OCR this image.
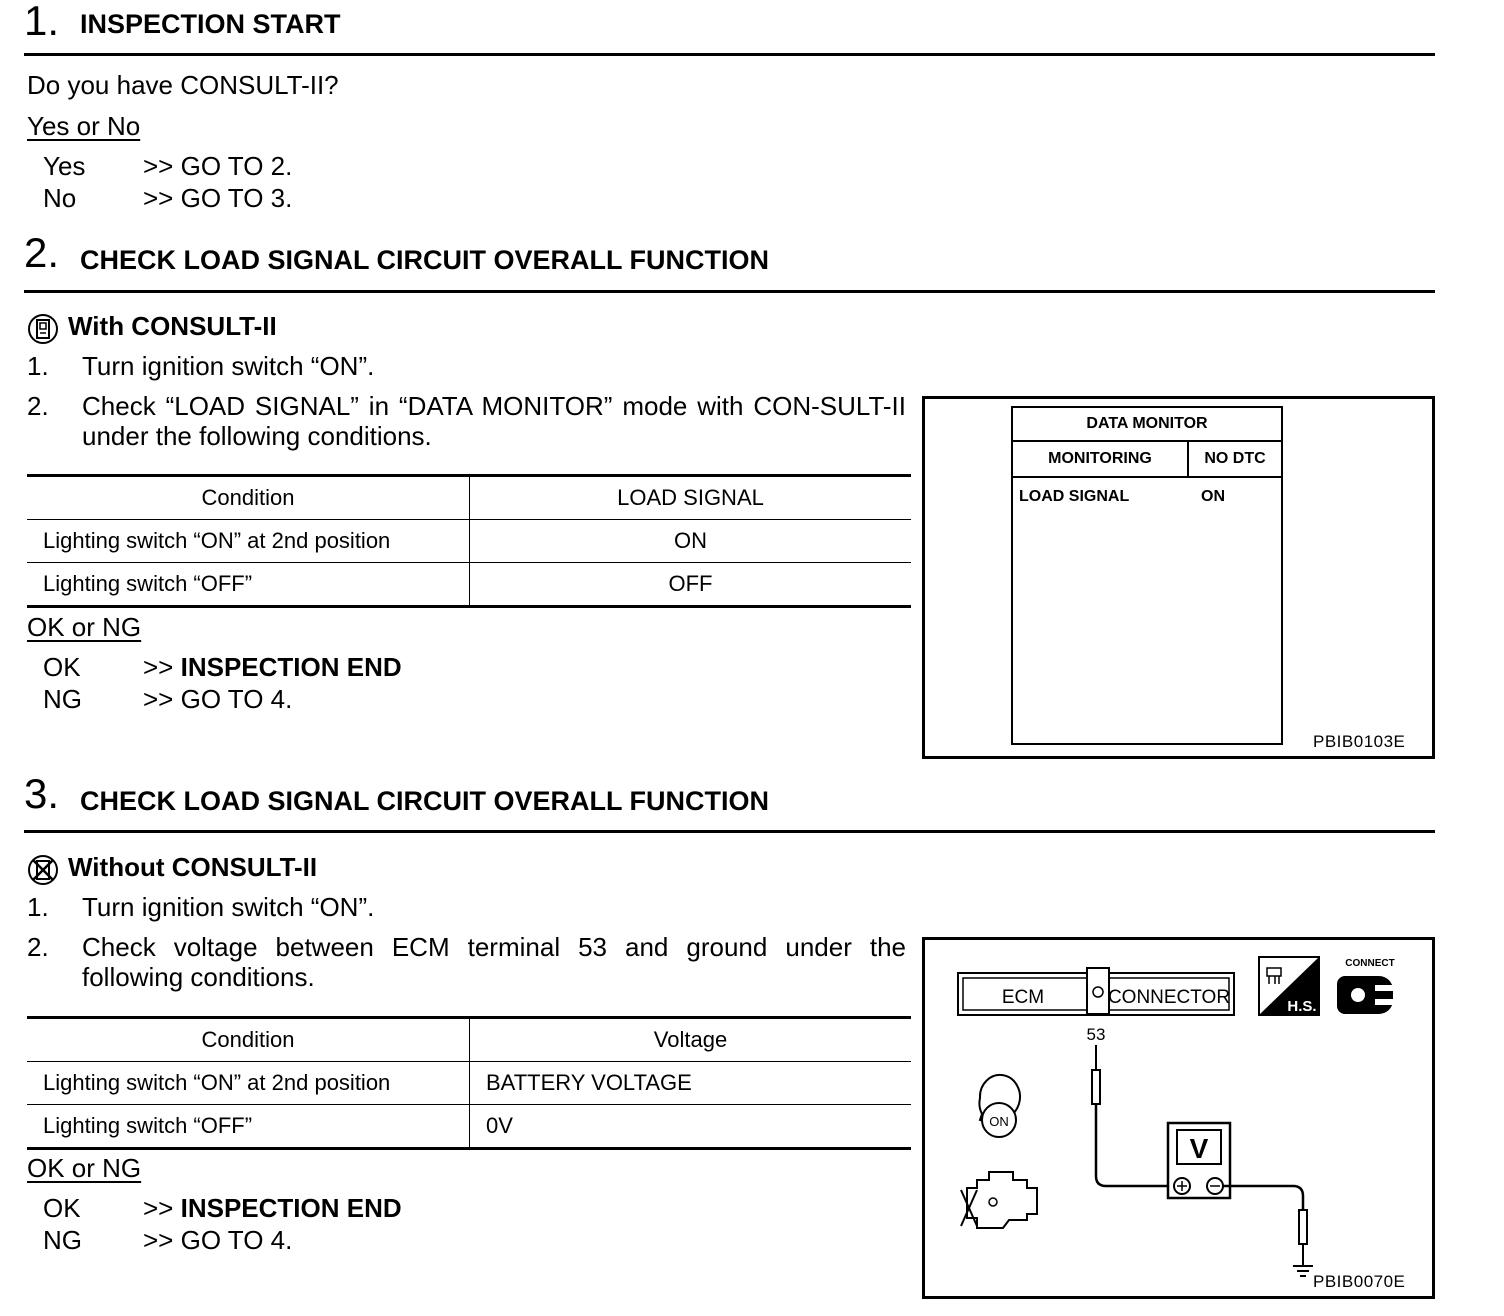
1. INSPECTION START
Do you have CONSULT-II?
Yes or No
Yes >> GO TO 2.
No	>> GO TO 3.
2. CHECK LOAD SIGNAL CIRCUIT OVERALL FUNCTION
With CONSULT-II
1. Turn ignition switch “ON”.
2. Check “LOAD SIGNAL” in “DATA MONITOR” mode with CON-SULT-II under the following conditions.
Condition	LOAD SIGNAL
Lighting switch “ON” at 2nd position	ON
Lighting switch “OFF”	OFF
OK or NG
OK >> INSPECTION END
NG >> GO TO 4.
DATA MONITOR
MONITORING	NO DTC
LOAD SIGNAL	ON
PBIB0103E
3. CHECK LOAD SIGNAL CIRCUIT OVERALL FUNCTION
Without CONSULT-II
1. Turn ignition switch “ON”.
2. Check voltage between ECM terminal 53 and ground under the following conditions.
Condition	Voltage
Lighting switch “ON” at 2nd position	BATTERY VOLTAGE
Lighting switch “OFF”	0V
OK or NG
OK >> INSPECTION END
NG >> GO TO 4.
ECM	CONNECTOR	H.S.
CONNECT
53
V
ON
PBIB0070E
